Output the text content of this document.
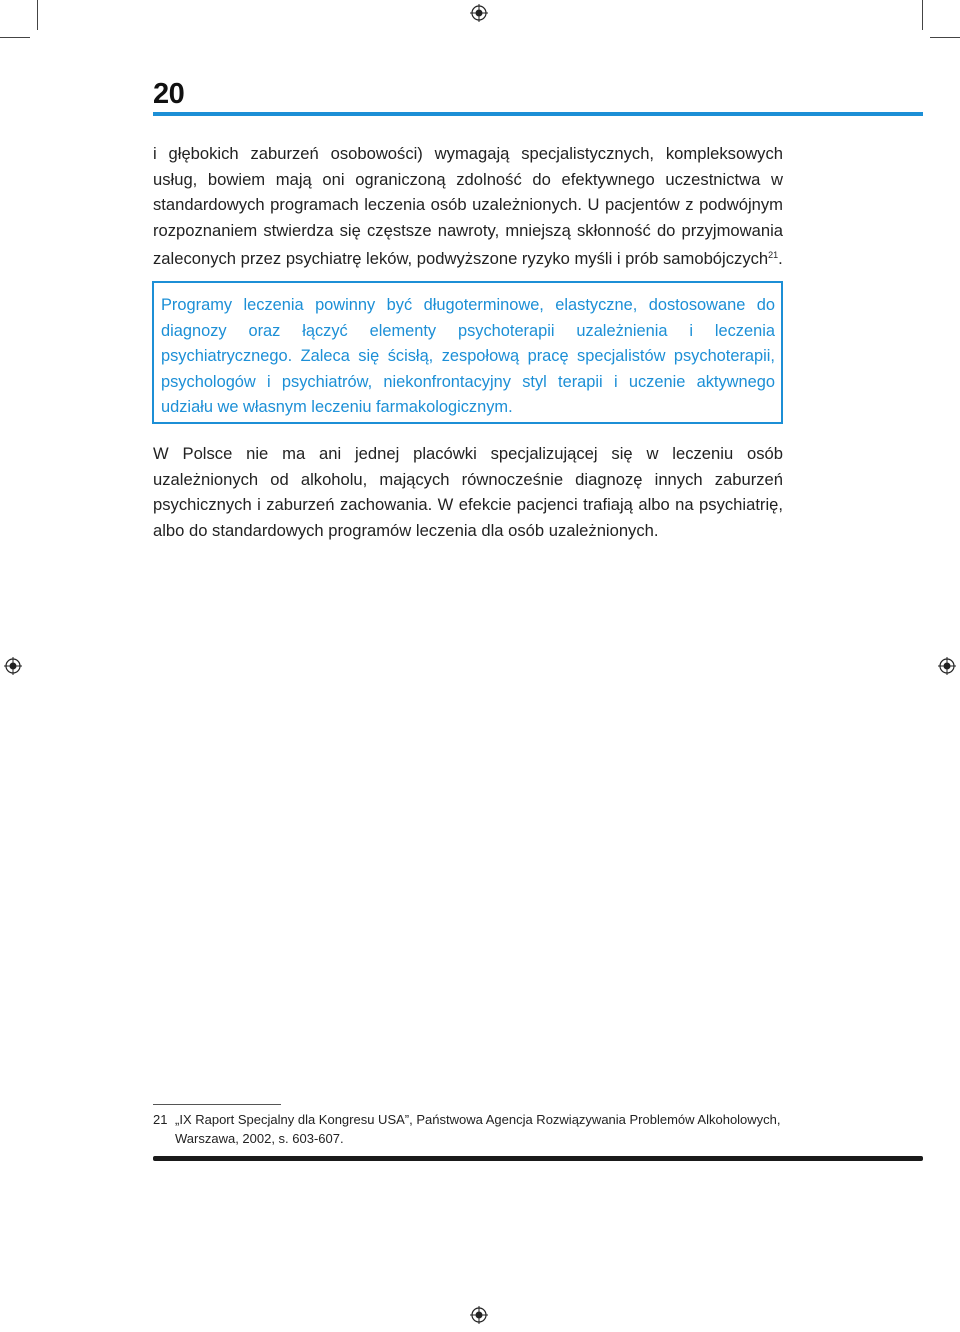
20

i głębokich zaburzeń osobowości) wymagają specjalistycznych, kompleksowych usług, bowiem mają oni ograniczoną zdolność do efektywnego uczestnictwa w standardowych programach leczenia osób uzależnionych. U pacjentów z podwójnym rozpoznaniem stwierdza się częstsze nawroty, mniejszą skłonność do przyjmowania zaleconych przez psychiatrę leków, podwyższone ryzyko myśli i prób samobójczych$^{21}$.

Programy leczenia powinny być długoterminowe, elastyczne, dostosowane do diagnozy oraz łączyć elementy psychoterapii uzależnienia i leczenia psychiatrycznego. Zaleca się ścisłą, zespołową pracę specjalistów psychoterapii, psychologów i psychiatrów, niekonfrontacyjny styl terapii i uczenie aktywnego udziału we własnym leczeniu farmakologicznym.

W Polsce nie ma ani jednej placówki specjalizującej się w leczeniu osób uzależnionych od alkoholu, mających równocześnie diagnozę innych zaburzeń psychicznych i zaburzeń zachowania. W efekcie pacjenci trafiają albo na psychiatrię, albo do standardowych programów leczenia dla osób uzależnionych.

21 „IX Raport Specjalny dla Kongresu USA”, Państwowa Agencja Rozwiązywania Problemów Alkoholowych, Warszawa, 2002, s. 603-607.
